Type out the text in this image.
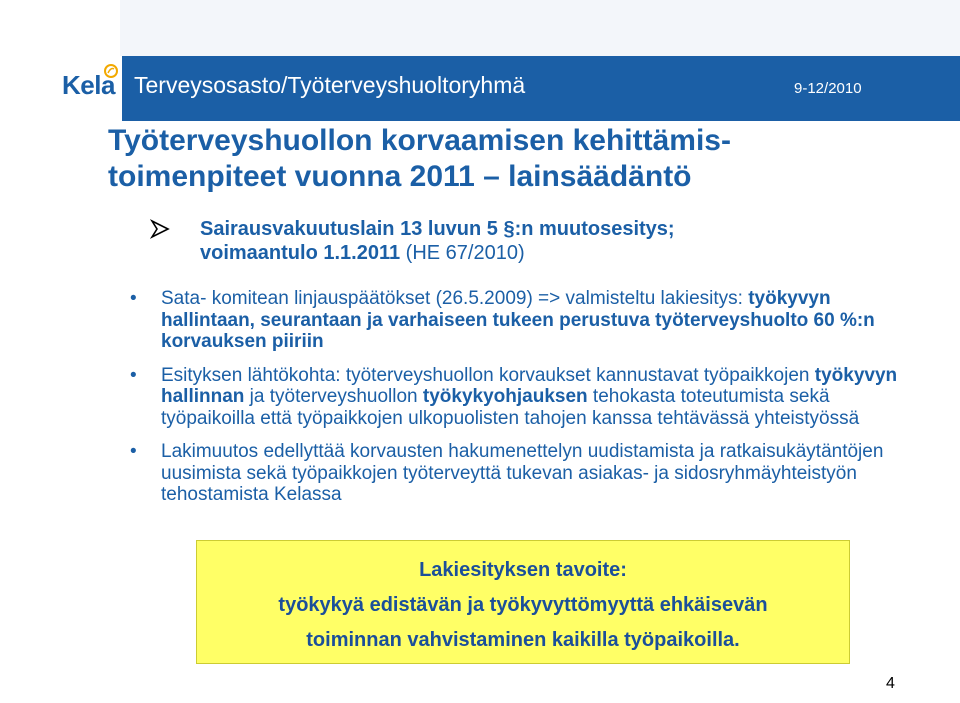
Kela Terveysosasto/Työterveyshuoltoryhmä	9-12/2010
Työterveyshuollon korvaamisen kehittämis-
toimenpiteet vuonna 2011 – lainsäädäntö
Sairausvakuutuslain 13 luvun 5 §:n muutosesitys;
voimaantulo 1.1.2011 (HE 67/2010)
• Sata- komitean linjauspäätökset (26.5.2009) => valmisteltu lakiesitys: työkyvyn hallintaan, seurantaan ja varhaiseen tukeen perustuva työterveyshuolto 60 %:n korvauksen piiriin
• Esityksen lähtökohta: työterveyshuollon korvaukset kannustavat työpaikkojen työkyvyn hallinnan ja työterveyshuollon työkykyohjauksen tehokasta toteutumista sekä työpaikoilla että työpaikkojen ulkopuolisten tahojen kanssa tehtävässä yhteistyössä
• Lakimuutos edellyttää korvausten hakumenettelyn uudistamista ja ratkaisukäytäntöjen uusimista sekä työpaikkojen työterveyttä tukevan asiakas- ja sidosryhmäyhteistyön tehostamista Kelassa
Lakiesityksen tavoite:
työkykyä edistävän ja työkyvyttömyyttä ehkäisevän
toiminnan vahvistaminen kaikilla työpaikoilla.
4
